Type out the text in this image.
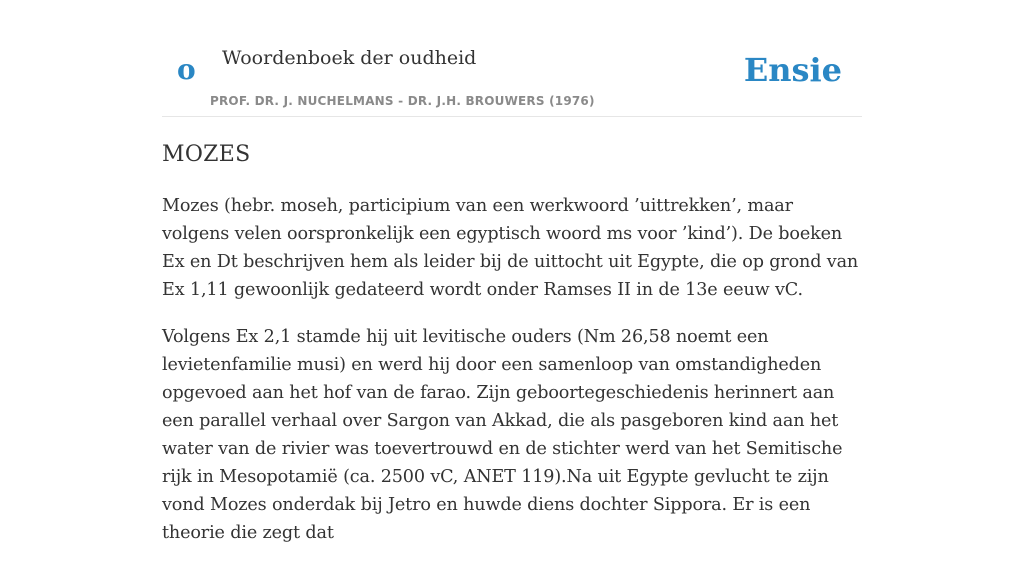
o Woordenboek der oudheid
PROF. DR. J. NUCHELMANS - DR. J.H. BROUWERS (1976)
Ensie
MOZES

Mozes (hebr. moseh, participium van een werkwoord ’uittrekken’, maar volgens velen oorspronkelijk een egyptisch woord ms voor ’kind’). De boeken Ex en Dt beschrijven hem als leider bij de uittocht uit Egypte, die op grond van Ex 1,11 gewoonlijk gedateerd wordt onder Ramses II in de 13e eeuw vC.

Volgens Ex 2,1 stamde hij uit levitische ouders (Nm 26,58 noemt een levietenfamilie musi) en werd hij door een samenloop van omstandigheden opgevoed aan het hof van de farao. Zijn geboortegeschiedenis herinnert aan een parallel verhaal over Sargon van Akkad, die als pasgeboren kind aan het water van de rivier was toevertrouwd en de stichter werd van het Semitische rijk in Mesopotamië (ca. 2500 vC, ANET 119).Na uit Egypte gevlucht te zijn vond Mozes onderdak bij Jetro en huwde diens dochter Sippora. Er is een theorie die zegt dat
